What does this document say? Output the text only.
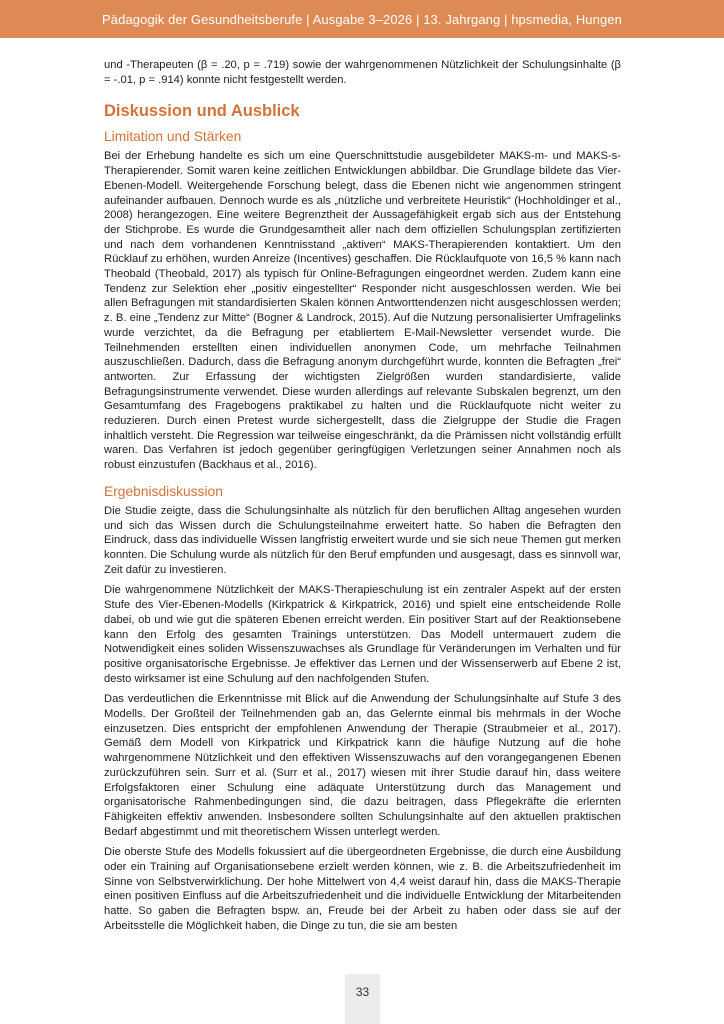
Pädagogik der Gesundheitsberufe | Ausgabe 3–2026 | 13. Jahrgang | hpsmedia, Hungen

und -Therapeuten (β = .20, p = .719) sowie der wahrgenommenen Nützlichkeit der Schulungsinhalte (β = -.01, p = .914) konnte nicht festgestellt werden.

Diskussion und Ausblick
Limitation und Stärken

Bei der Erhebung handelte es sich um eine Querschnittstudie ausgebildeter MAKS-m- und MAKS-s-Therapierender. Somit waren keine zeitlichen Entwicklungen abbildbar. Die Grundlage bildete das Vier-Ebenen-Modell. Weitergehende Forschung belegt, dass die Ebenen nicht wie angenommen stringent aufeinander aufbauen. Dennoch wurde es als „nützliche und verbreitete Heuristik“ (Hochholdinger et al., 2008) herangezogen. Eine weitere Begrenztheit der Aussagefähigkeit ergab sich aus der Entstehung der Stichprobe. Es wurde die Grundgesamtheit aller nach dem offiziellen Schulungsplan zertifizierten und nach dem vorhandenen Kenntnisstand „aktiven“ MAKS-Therapierenden kontaktiert. Um den Rücklauf zu erhöhen, wurden Anreize (Incentives) geschaffen. Die Rücklaufquote von 16,5 % kann nach Theobald (Theobald, 2017) als typisch für Online-Befragungen eingeordnet werden. Zudem kann eine Tendenz zur Selektion eher „positiv eingestellter“ Responder nicht ausgeschlossen werden. Wie bei allen Befragungen mit standardisierten Skalen können Antworttendenzen nicht ausgeschlossen werden; z. B. eine „Tendenz zur Mitte“ (Bogner & Landrock, 2015). Auf die Nutzung personalisierter Umfragelinks wurde verzichtet, da die Befragung per etabliertem E-Mail-Newsletter versendet wurde. Die Teilnehmenden erstellten einen individuellen anonymen Code, um mehrfache Teilnahmen auszuschließen. Dadurch, dass die Befragung anonym durchgeführt wurde, konnten die Befragten „frei“ antworten. Zur Erfassung der wichtigsten Zielgrößen wurden standardisierte, valide Befragungsinstrumente verwendet. Diese wurden allerdings auf relevante Subskalen begrenzt, um den Gesamtumfang des Fragebogens praktikabel zu halten und die Rücklaufquote nicht weiter zu reduzieren. Durch einen Pretest wurde sichergestellt, dass die Zielgruppe der Studie die Fragen inhaltlich versteht. Die Regression war teilweise eingeschränkt, da die Prämissen nicht vollständig erfüllt waren. Das Verfahren ist jedoch gegenüber geringfügigen Verletzungen seiner Annahmen noch als robust einzustufen (Backhaus et al., 2016).

Ergebnisdiskussion

Die Studie zeigte, dass die Schulungsinhalte als nützlich für den beruflichen Alltag angesehen wurden und sich das Wissen durch die Schulungsteilnahme erweitert hatte. So haben die Befragten den Eindruck, dass das individuelle Wissen langfristig erweitert wurde und sie sich neue Themen gut merken konnten. Die Schulung wurde als nützlich für den Beruf empfunden und ausgesagt, dass es sinnvoll war, Zeit dafür zu investieren.

Die wahrgenommene Nützlichkeit der MAKS-Therapieschulung ist ein zentraler Aspekt auf der ersten Stufe des Vier-Ebenen-Modells (Kirkpatrick & Kirkpatrick, 2016) und spielt eine entscheidende Rolle dabei, ob und wie gut die späteren Ebenen erreicht werden. Ein positiver Start auf der Reaktionsebene kann den Erfolg des gesamten Trainings unterstützen. Das Modell untermauert zudem die Notwendigkeit eines soliden Wissenszuwachses als Grundlage für Veränderungen im Verhalten und für positive organisatorische Ergebnisse. Je effektiver das Lernen und der Wissenserwerb auf Ebene 2 ist, desto wirksamer ist eine Schulung auf den nachfolgenden Stufen.

Das verdeutlichen die Erkenntnisse mit Blick auf die Anwendung der Schulungsinhalte auf Stufe 3 des Modells. Der Großteil der Teilnehmenden gab an, das Gelernte einmal bis mehrmals in der Woche einzusetzen. Dies entspricht der empfohlenen Anwendung der Therapie (Straubmeier et al., 2017). Gemäß dem Modell von Kirkpatrick und Kirkpatrick kann die häufige Nutzung auf die hohe wahrgenommene Nützlichkeit und den effektiven Wissenszuwachs auf den vorangegangenen Ebenen zurückzuführen sein. Surr et al. (Surr et al., 2017) wiesen mit ihrer Studie darauf hin, dass weitere Erfolgsfaktoren einer Schulung eine adäquate Unterstützung durch das Management und organisatorische Rahmenbedingungen sind, die dazu beitragen, dass Pflegekräfte die erlernten Fähigkeiten effektiv anwenden. Insbesondere sollten Schulungsinhalte auf den aktuellen praktischen Bedarf abgestimmt und mit theoretischem Wissen unterlegt werden.

Die oberste Stufe des Modells fokussiert auf die übergeordneten Ergebnisse, die durch eine Ausbildung oder ein Training auf Organisationsebene erzielt werden können, wie z. B. die Arbeitszufriedenheit im Sinne von Selbstverwirklichung. Der hohe Mittelwert von 4,4 weist darauf hin, dass die MAKS-Therapie einen positiven Einfluss auf die Arbeitszufriedenheit und die individuelle Entwicklung der Mitarbeitenden hatte. So gaben die Befragten bspw. an, Freude bei der Arbeit zu haben oder dass sie auf der Arbeitsstelle die Möglichkeit haben, die Dinge zu tun, die sie am besten

33
